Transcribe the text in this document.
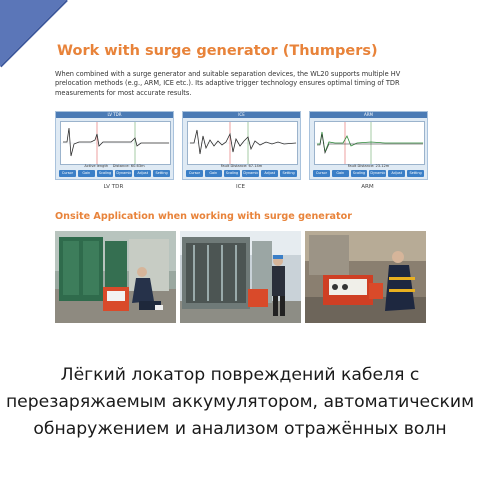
Work with surge generator (Thumpers)
When combined with a surge generator and suitable separation devices, the WL20 supports multiple HV prelocation methods (e.g., ARM, ICE etc.). Its adaptive trigger technology ensures optimal timing of TDR measurements for most accurate results.
LV TDR
Active length Distance: 60.63m
Cursor	Gain	Scaling	Dynamic	Adjust	Setting
LV TDR
ICE
Fault Distance: 67.14m
Cursor	Gain	Scaling	Dynamic	Adjust	Setting
ICE
ARM
Fault Distance: 23.12m
Cursor	Gain	Scaling	Dynamic	Adjust	Setting
ARM
Onsite Application when working with surge generator
Лёгкий локатор повреждений кабеля с перезаряжаемым аккумулятором, автоматическим обнаружением и анализом отражённых волн
